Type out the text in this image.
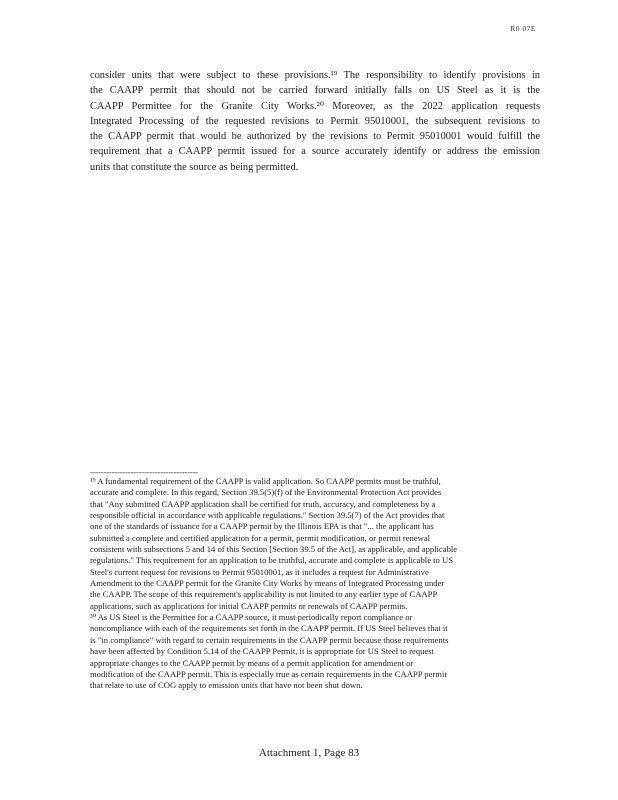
R0 07E
consider units that were subject to these provisions.¹⁹ The responsibility to identify provisions in
the CAAPP permit that should not be carried forward initially falls on US Steel as it is the
CAAPP Permittee for the Granite City Works.²⁰ Moreover, as the 2022 application requests
Integrated Processing of the requested revisions to Permit 95010001, the subsequent revisions to
the CAAPP permit that would be authorized by the revisions to Permit 95010001 would fulfill the
requirement that a CAAPP permit issued for a source accurately identify or address the emission
units that constitute the source as being permitted.
----------------------------------------
¹⁹ A fundamental requirement of the CAAPP is valid application. So CAAPP permits must be truthful,
accurate and complete. In this regard, Section 39.5(5)(f) of the Environmental Protection Act provides
that "Any submitted CAAPP application shall be certified for truth, accuracy, and completeness by a
responsible official in accordance with applicable regulations." Section 39.5(7) of the Act provides that
one of the standards of issuance for a CAAPP permit by the Illinois EPA is that "... the applicant has
submitted a complete and certified application for a permit, permit modification, or permit renewal
consistent with subsections 5 and 14 of this Section [Section 39.5 of the Act], as applicable, and applicable
regulations." This requirement for an application to be truthful, accurate and complete is applicable to US
Steel's current request for revisions to Permit 95010001, as it includes a request for Administrative
Amendment to the CAAPP permit for the Granite City Works by means of Integrated Processing under
the CAAPP. The scope of this requirement's applicability is not limited to any earlier type of CAAPP
applications, such as applications for initial CAAPP permits or renewals of CAAPP permits.
²⁰ As US Steel is the Permittee for a CAAPP source, it must periodically report compliance or
noncompliance with each of the requirements set forth in the CAAPP permit. If US Steel believes that it
is "in compliance" with regard to certain requirements in the CAAPP permit because those requirements
have been affected by Condition 5.14 of the CAAPP Permit, it is appropriate for US Steel to request
appropriate changes to the CAAPP permit by means of a permit application for amendment or
modification of the CAAPP permit. This is especially true as certain requirements in the CAAPP permit
that relate to use of COG apply to emission units that have not been shut down.
Attachment 1, Page 83
